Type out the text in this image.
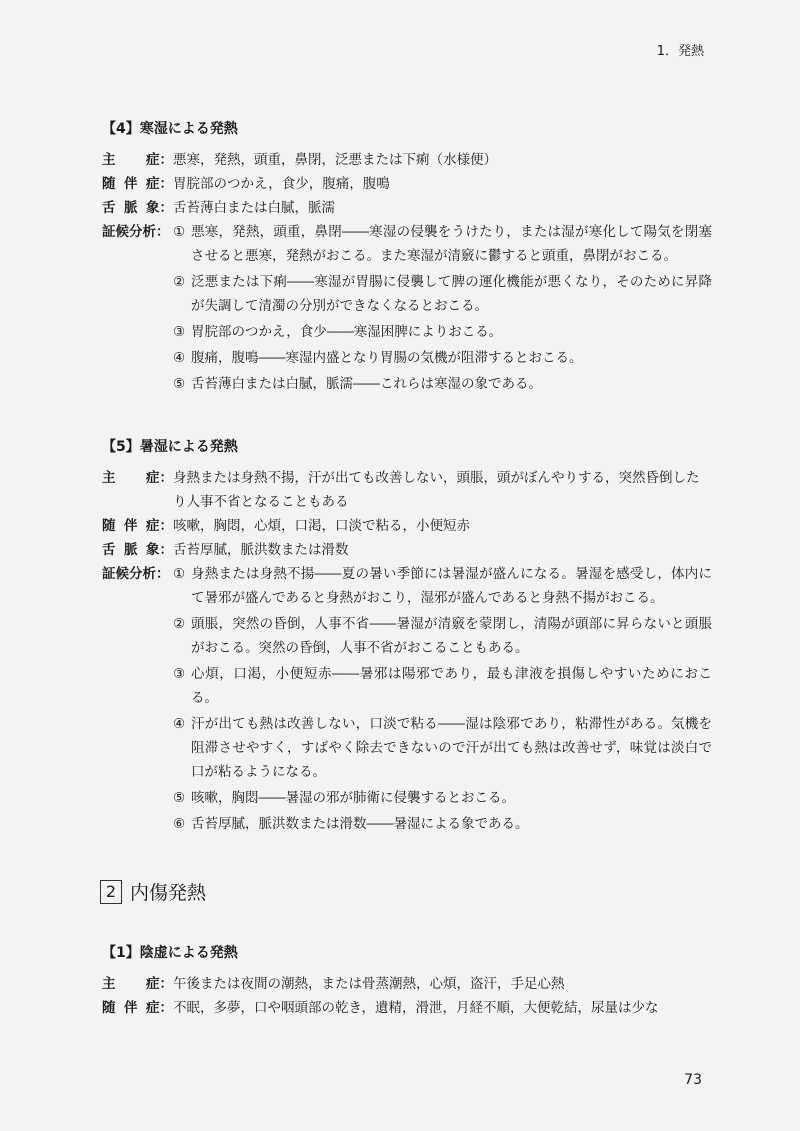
1．発熱
【4】寒湿による発熱
主 症： 悪寒，発熱，頭重，鼻閉，泛悪または下痢（水様便）
随 伴 症： 胃脘部のつかえ，食少，腹痛，腹鳴
舌 脈 象： 舌苔薄白または白膩，脈濡
証候分析： ① 悪寒，発熱，頭重，鼻閉――寒湿の侵襲をうけたり，または湿が寒化して陽気を閉塞させると悪寒，発熱がおこる。また寒湿が清竅に鬱すると頭重，鼻閉がおこる。
② 泛悪または下痢――寒湿が胃腸に侵襲して脾の運化機能が悪くなり，そのために昇降が失調して清濁の分別ができなくなるとおこる。
③ 胃脘部のつかえ，食少――寒湿困脾によりおこる。
④ 腹痛，腹鳴――寒湿内盛となり胃腸の気機が阻滞するとおこる。
⑤ 舌苔薄白または白膩，脈濡――これらは寒湿の象である。
【5】暑湿による発熱
主 症： 身熱または身熱不揚，汗が出ても改善しない，頭脹，頭がぼんやりする，突然昏倒したり人事不省となることもある
随 伴 症： 咳嗽，胸悶，心煩，口渇，口淡で粘る，小便短赤
舌 脈 象： 舌苔厚膩，脈洪数または滑数
証候分析： ① 身熱または身熱不揚――夏の暑い季節には暑湿が盛んになる。暑湿を感受し，体内にて暑邪が盛んであると身熱がおこり，湿邪が盛んであると身熱不揚がおこる。
② 頭脹，突然の昏倒，人事不省――暑湿が清竅を蒙閉し，清陽が頭部に昇らないと頭脹がおこる。突然の昏倒，人事不省がおこることもある。
③ 心煩，口渇，小便短赤――暑邪は陽邪であり，最も津液を損傷しやすいためにおこる。
④ 汗が出ても熱は改善しない，口淡で粘る――湿は陰邪であり，粘滞性がある。気機を阻滞させやすく，すばやく除去できないので汗が出ても熱は改善せず，味覚は淡白で口が粘るようになる。
⑤ 咳嗽，胸悶――暑湿の邪が肺衛に侵襲するとおこる。
⑥ 舌苔厚膩，脈洪数または滑数――暑湿による象である。
2 内傷発熱
【1】陰虚による発熱
主 症： 午後または夜間の潮熱，または骨蒸潮熱，心煩，盗汗，手足心熱
随 伴 症： 不眠，多夢，口や咽頭部の乾き，遺精，滑泄，月経不順，大便乾結，尿量は少な
73
